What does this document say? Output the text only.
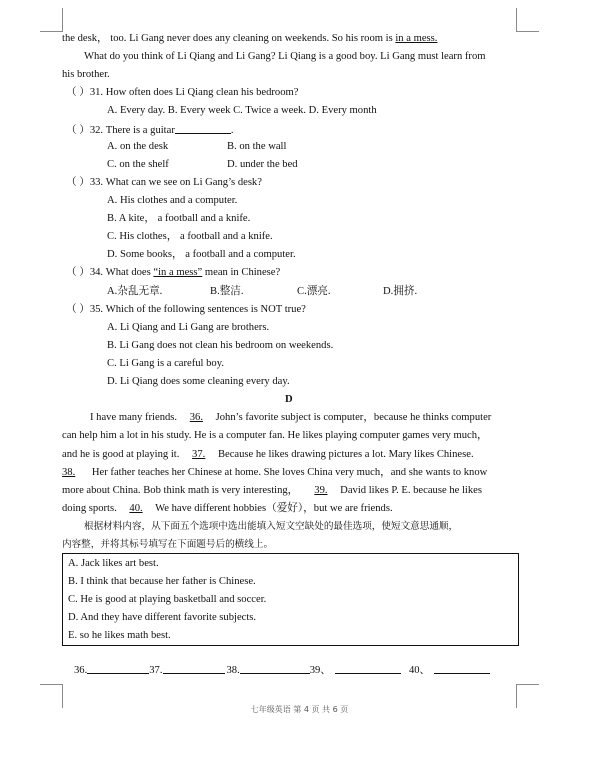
the desk， too. Li Gang never does any cleaning on weekends. So his room is in a mess.
What do you think of Li Qiang and Li Gang? Li Qiang is a good boy. Li Gang must learn from
his brother.
（ ）31. How often does Li Qiang clean his bedroom?
A. Every day. B. Every week C. Twice a week. D. Every month
（ ）32. There is a guitar	.
A. on the desk	B. on the wall
C. on the shelf	D. under the bed
（ ）33. What can we see on Li Gang’s desk?
A. His clothes and a computer.
B. A kite， a football and a knife.
C. His clothes， a football and a knife.
D. Some books， a football and a computer.
（ ）34. What does “in a mess” mean in Chinese?
A.杂乱无章.	B.整洁.	C.漂亮.	D.拥挤.
（ ）35. Which of the following sentences is NOT true?
A. Li Qiang and Li Gang are brothers.
B. Li Gang does not clean his bedroom on weekends.
C. Li Gang is a careful boy.
D. Li Qiang does some cleaning every day.
D
I have many friends. 36. John’s favorite subject is computer，because he thinks computer
can help him a lot in his study. He is a computer fan. He likes playing computer games very much，
and he is good at playing it. 37. Because he likes drawing pictures a lot. Mary likes Chinese.
38. Her father teaches her Chinese at home. She loves China very much，and she wants to know
more about China. Bob think math is very interesting， 39. David likes P. E. because he likes
doing sports. 40. We have different hobbies（爱好），but we are friends.
根据材料内容，从下面五个选项中选出能填入短文空缺处的最佳选项，使短文意思通顺，
内容整，并将其标号填写在下面题号后的横线上。
A. Jack likes art best.
B. I think that because her father is Chinese.
C. He is good at playing basketball and soccer.
D. And they have different favorite subjects.
E. so he likes math best.
36.	37.	38.	39、	40、
七年级英语 第 4 页 共 6 页
